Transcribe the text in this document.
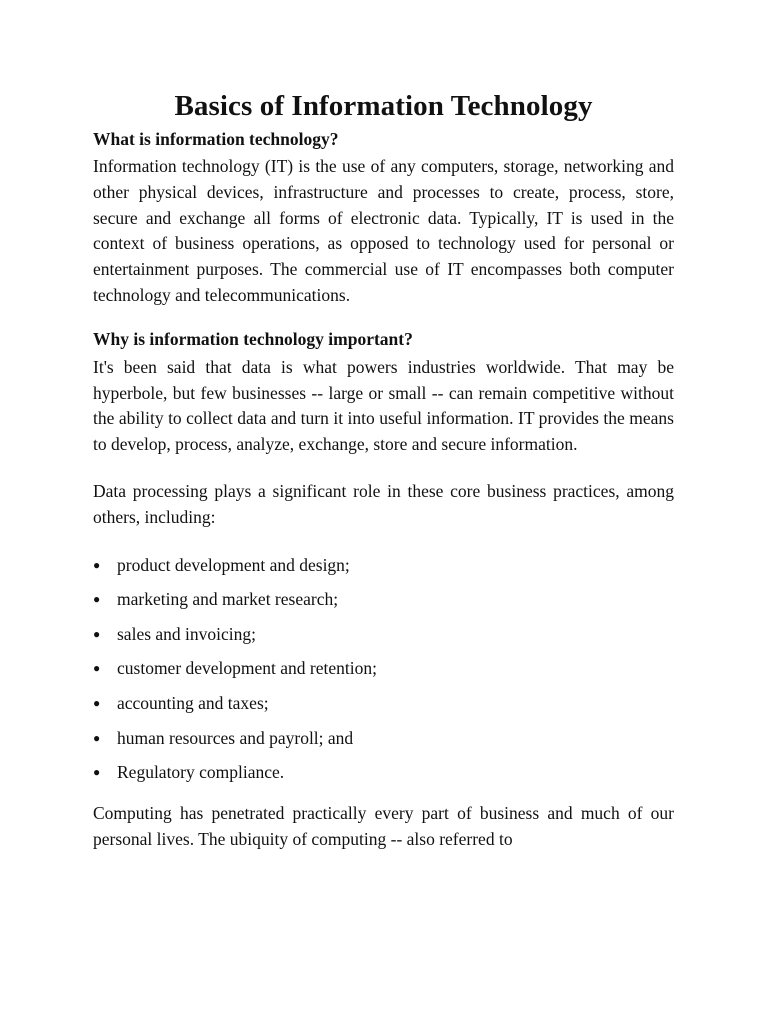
Basics of Information Technology
What is information technology?

Information technology (IT) is the use of any computers, storage, networking and other physical devices, infrastructure and processes to create, process, store, secure and exchange all forms of electronic data. Typically, IT is used in the context of business operations, as opposed to technology used for personal or entertainment purposes. The commercial use of IT encompasses both computer technology and telecommunications.

Why is information technology important?

It's been said that data is what powers industries worldwide. That may be hyperbole, but few businesses -- large or small -- can remain competitive without the ability to collect data and turn it into useful information. IT provides the means to develop, process, analyze, exchange, store and secure information.

Data processing plays a significant role in these core business practices, among others, including:

● product development and design;
● marketing and market research;
● sales and invoicing;
● customer development and retention;
● accounting and taxes;
● human resources and payroll; and
● Regulatory compliance.

Computing has penetrated practically every part of business and much of our personal lives. The ubiquity of computing -- also referred to
